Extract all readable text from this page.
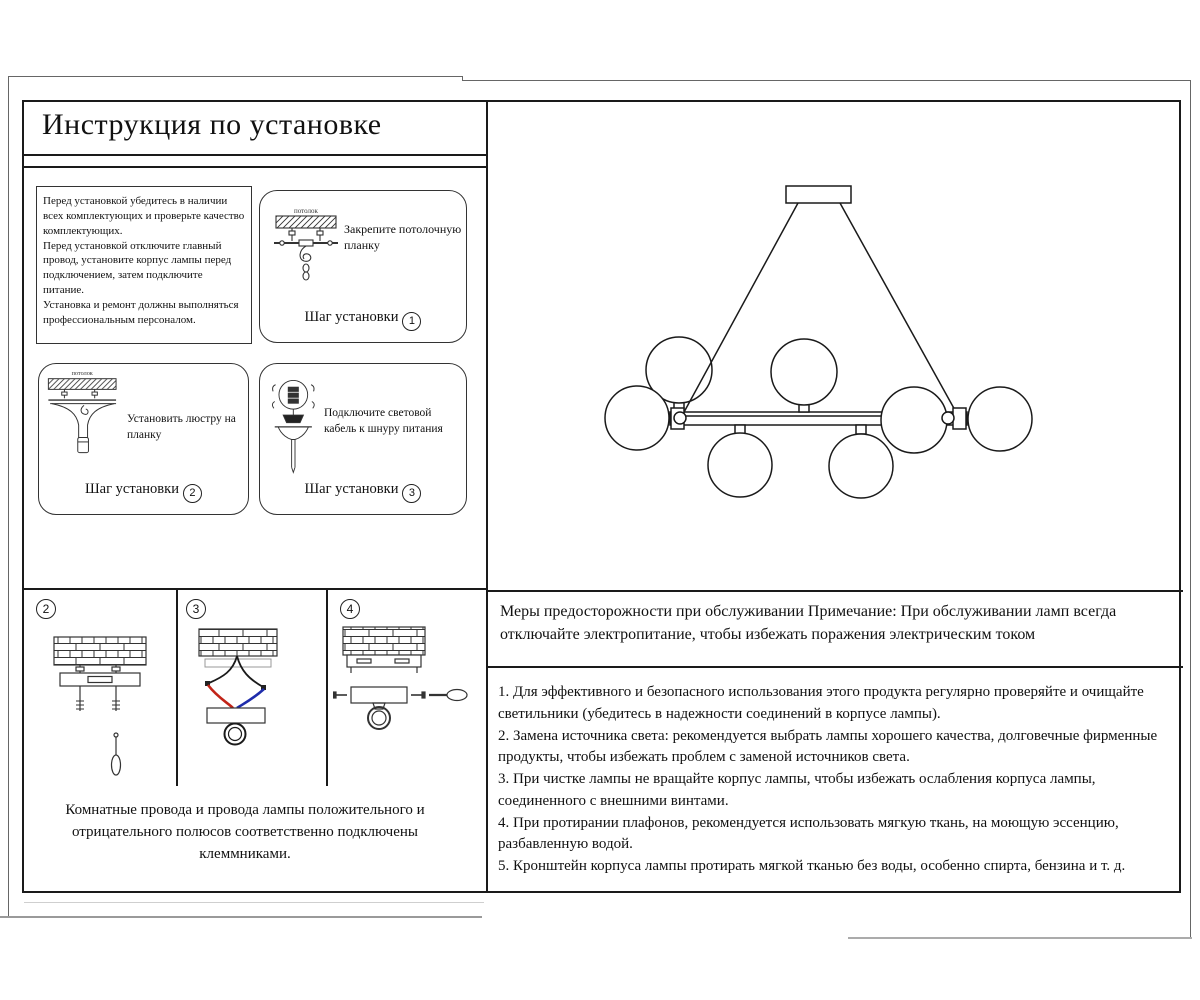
Инструкция по установке
Перед установкой убедитесь в наличии всех комплектующих и проверьте качество комплектующих.
Перед установкой отключите главный провод, установите корпус лампы перед подключением, затем подключите питание.
Установка и ремонт должны выполняться профессиональным персоналом.
потолок
Закрепите потолочную планку
Шаг установки 1
потолок
Установить люстру на планку
Шаг установки 2
Подключите световой кабель к шнуру питания
Шаг установки 3
2	3	4
Комнатные провода и провода лампы положительного и отрицательного полюсов соответственно подключены клеммниками.
Меры предосторожности при обслуживании Примечание: При обслуживании ламп всегда отключайте электропитание, чтобы избежать поражения электрическим током
1. Для эффективного и безопасного использования этого продукта регулярно проверяйте и очищайте светильники (убедитесь в надежности соединений в корпусе лампы).
2. Замена источника света: рекомендуется выбрать лампы хорошего качества, долговечные фирменные продукты, чтобы избежать проблем с заменой источников света.
3. При чистке лампы не вращайте корпус лампы, чтобы избежать ослабления корпуса лампы, соединенного с внешними винтами.
4. При протирании плафонов, рекомендуется использовать мягкую ткань, на моющую эссенцию, разбавленную водой.
5. Кронштейн корпуса лампы протирать мягкой тканью без воды, особенно спирта, бензина и т. д.
